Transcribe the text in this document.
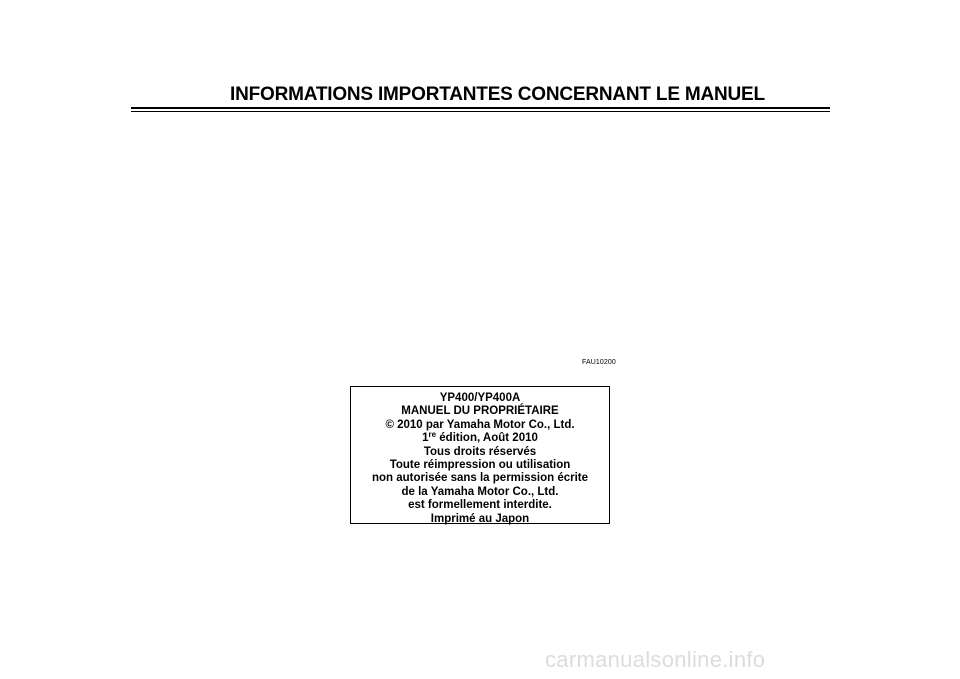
INFORMATIONS IMPORTANTES CONCERNANT LE MANUEL
FAU10200
YP400/YP400A
MANUEL DU PROPRIÉTAIRE
© 2010 par Yamaha Motor Co., Ltd.
1re édition, Août 2010
Tous droits réservés
Toute réimpression ou utilisation
non autorisée sans la permission écrite
de la Yamaha Motor Co., Ltd.
est formellement interdite.
Imprimé au Japon
carmanualsonline.info
